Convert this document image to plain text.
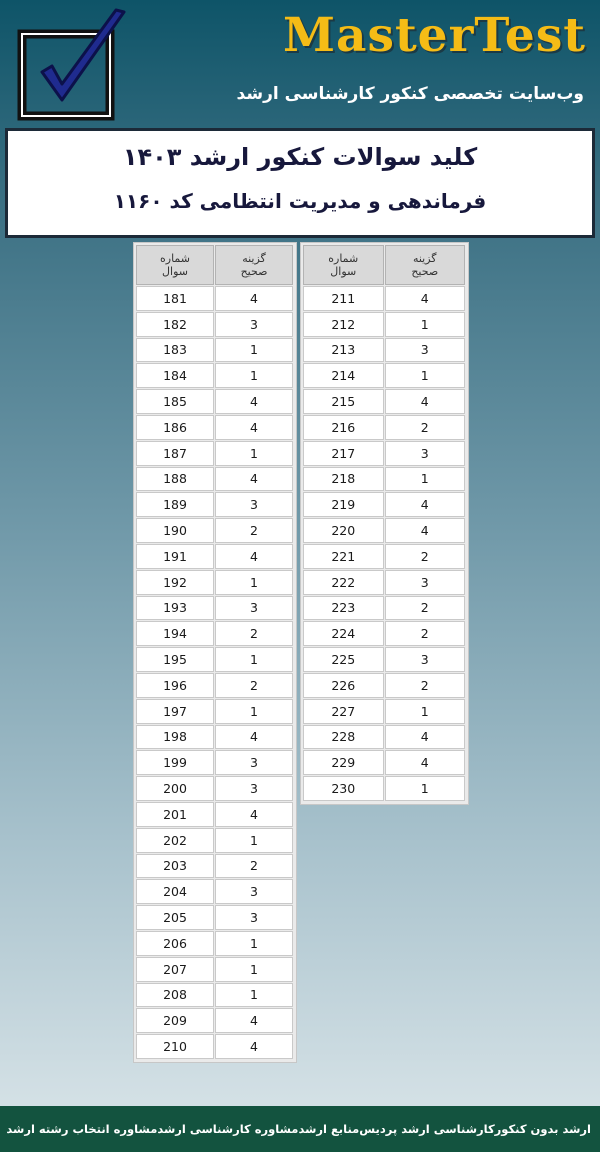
MasterTest
وب‌سایت تخصصی کنکور کارشناسی ارشد
کلید سوالات کنکور ارشد ۱۴۰۳
فرماندهی و مدیریت انتظامی کد ۱۱۶۰
شماره
سوال
گزینه
صحیح
181	4
182	3
183	1
184	1
185	4
186	4
187	1
188	4
189	3
190	2
191	4
192	1
193	3
194	2
195	1
196	2
197	1
198	4
199	3
200	3
201	4
202	1
203	2
204	3
205	3
206	1
207	1
208	1
209	4
210	4
شماره
سوال
گزینه
صحیح
211	4
212	1
213	3
214	1
215	4
216	2
217	3
218	1
219	4
220	4
221	2
222	3
223	2
224	2
225	3
226	2
227	1
228	4
229	4
230	1
ارشد بدون کنکور
کارشناسی ارشد پردیس
منابع ارشد
مشاوره کارشناسی ارشد
مشاوره انتخاب رشته ارشد
